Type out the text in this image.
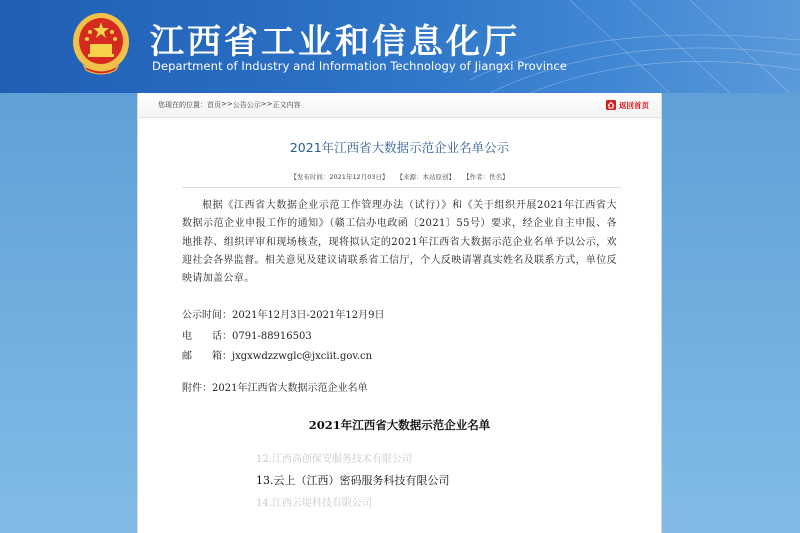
江西省工业和信息化厅
Department of Industry and Information Technology of Jiangxi Province
您现在的位置： 首页 >> 公告公示 >> 正文内容	返回首页
2021年江西省大数据示范企业名单公示
【发布时间：2021年12月03日】 【来源：本站原创】 【作者：佚名】

根据《江西省大数据企业示范工作管理办法（试行）》和《关于组织开展2021年江西省大数据示范企业申报工作的通知》（赣工信办电政函〔2021〕55号）要求，经企业自主申报、各地推荐、组织评审和现场核查，现将拟认定的2021年江西省大数据示范企业名单予以公示，欢迎社会各界监督。相关意见及建议请联系省工信厅，个人反映请署真实姓名及联系方式，单位反映请加盖公章。

公示时间：2021年12月3日-2021年12月9日
电　　话：0791-88916503
邮　　箱：jxgxwdzzwglc@jxciit.gov.cn
附件：2021年江西省大数据示范企业名单
2021年江西省大数据示范企业名单
12.江西高创保安服务技术有限公司
13.云上（江西）密码服务科技有限公司
14.江西云堤科技有限公司
